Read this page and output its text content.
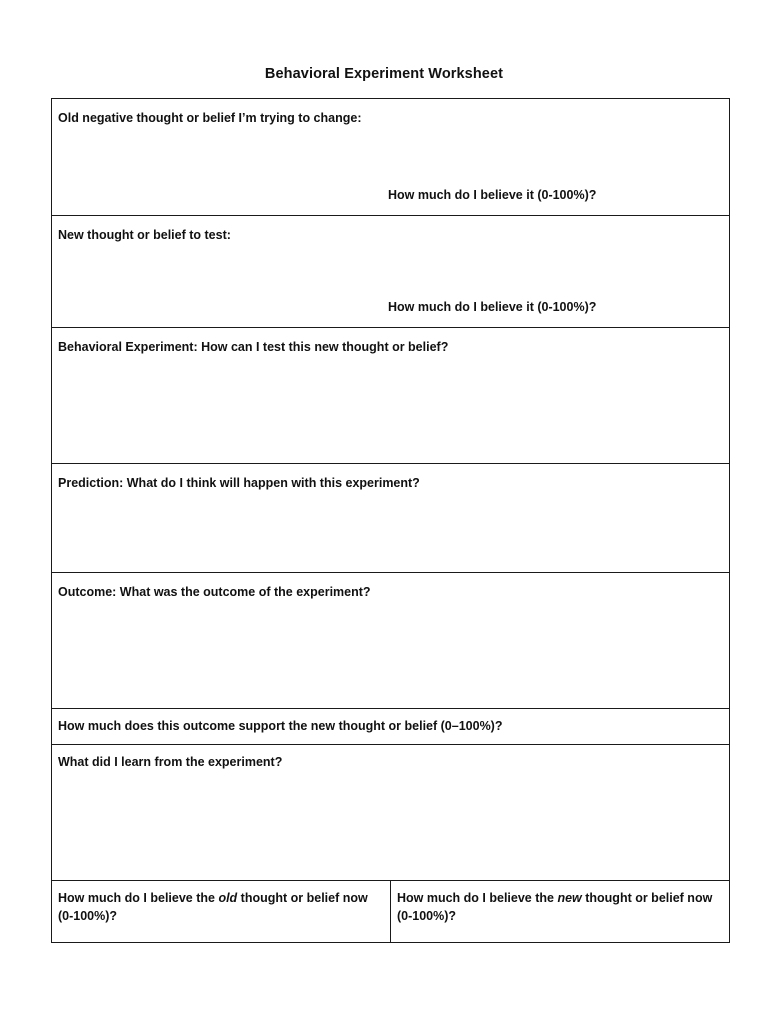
Behavioral Experiment Worksheet
Old negative thought or belief I’m trying to change:
How much do I believe it (0-100%)?
New thought or belief to test:
How much do I believe it (0-100%)?
Behavioral Experiment: How can I test this new thought or belief?
Prediction: What do I think will happen with this experiment?
Outcome: What was the outcome of the experiment?
How much does this outcome support the new thought or belief (0–100%)?
What did I learn from the experiment?
How much do I believe the old thought or belief now (0-100%)?
How much do I believe the new thought or belief now (0-100%)?
